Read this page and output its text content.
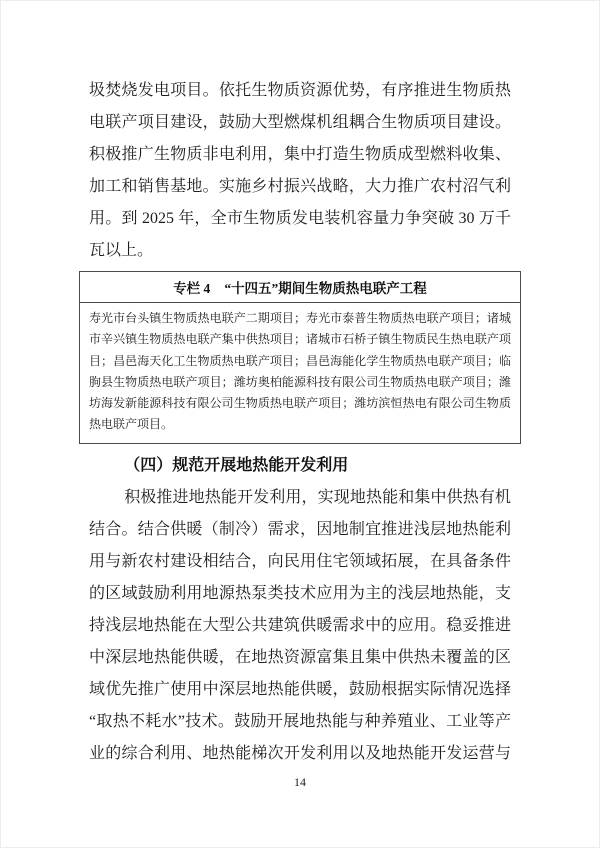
圾焚烧发电项目。依托生物质资源优势，有序推进生物质热
电联产项目建设，鼓励大型燃煤机组耦合生物质项目建设。
积极推广生物质非电利用，集中打造生物质成型燃料收集、
加工和销售基地。实施乡村振兴战略，大力推广农村沼气利
用。到 2025 年，全市生物质发电装机容量力争突破 30 万千
瓦以上。
专栏 4 “十四五”期间生物质热电联产工程
寿光市台头镇生物质热电联产二期项目；寿光市泰普生物质热电联产项目；诸城
市辛兴镇生物质热电联产集中供热项目；诸城市石桥子镇生物质民生热电联产项
目；昌邑海天化工生物质热电联产项目；昌邑海能化学生物质热电联产项目；临
朐县生物质热电联产项目；潍坊奥柏能源科技有限公司生物质热电联产项目；潍
坊海发新能源科技有限公司生物质热电联产项目；潍坊滨恒热电有限公司生物质
热电联产项目。
（四）规范开展地热能开发利用
积极推进地热能开发利用，实现地热能和集中供热有机
结合。结合供暖（制冷）需求，因地制宜推进浅层地热能利
用与新农村建设相结合，向民用住宅领域拓展，在具备条件
的区域鼓励利用地源热泵类技术应用为主的浅层地热能，支
持浅层地热能在大型公共建筑供暖需求中的应用。稳妥推进
中深层地热能供暖，在地热资源富集且集中供热未覆盖的区
域优先推广使用中深层地热能供暖，鼓励根据实际情况选择
“取热不耗水”技术。鼓励开展地热能与种养殖业、工业等产
业的综合利用、地热能梯次开发利用以及地热能开发运营与
14
